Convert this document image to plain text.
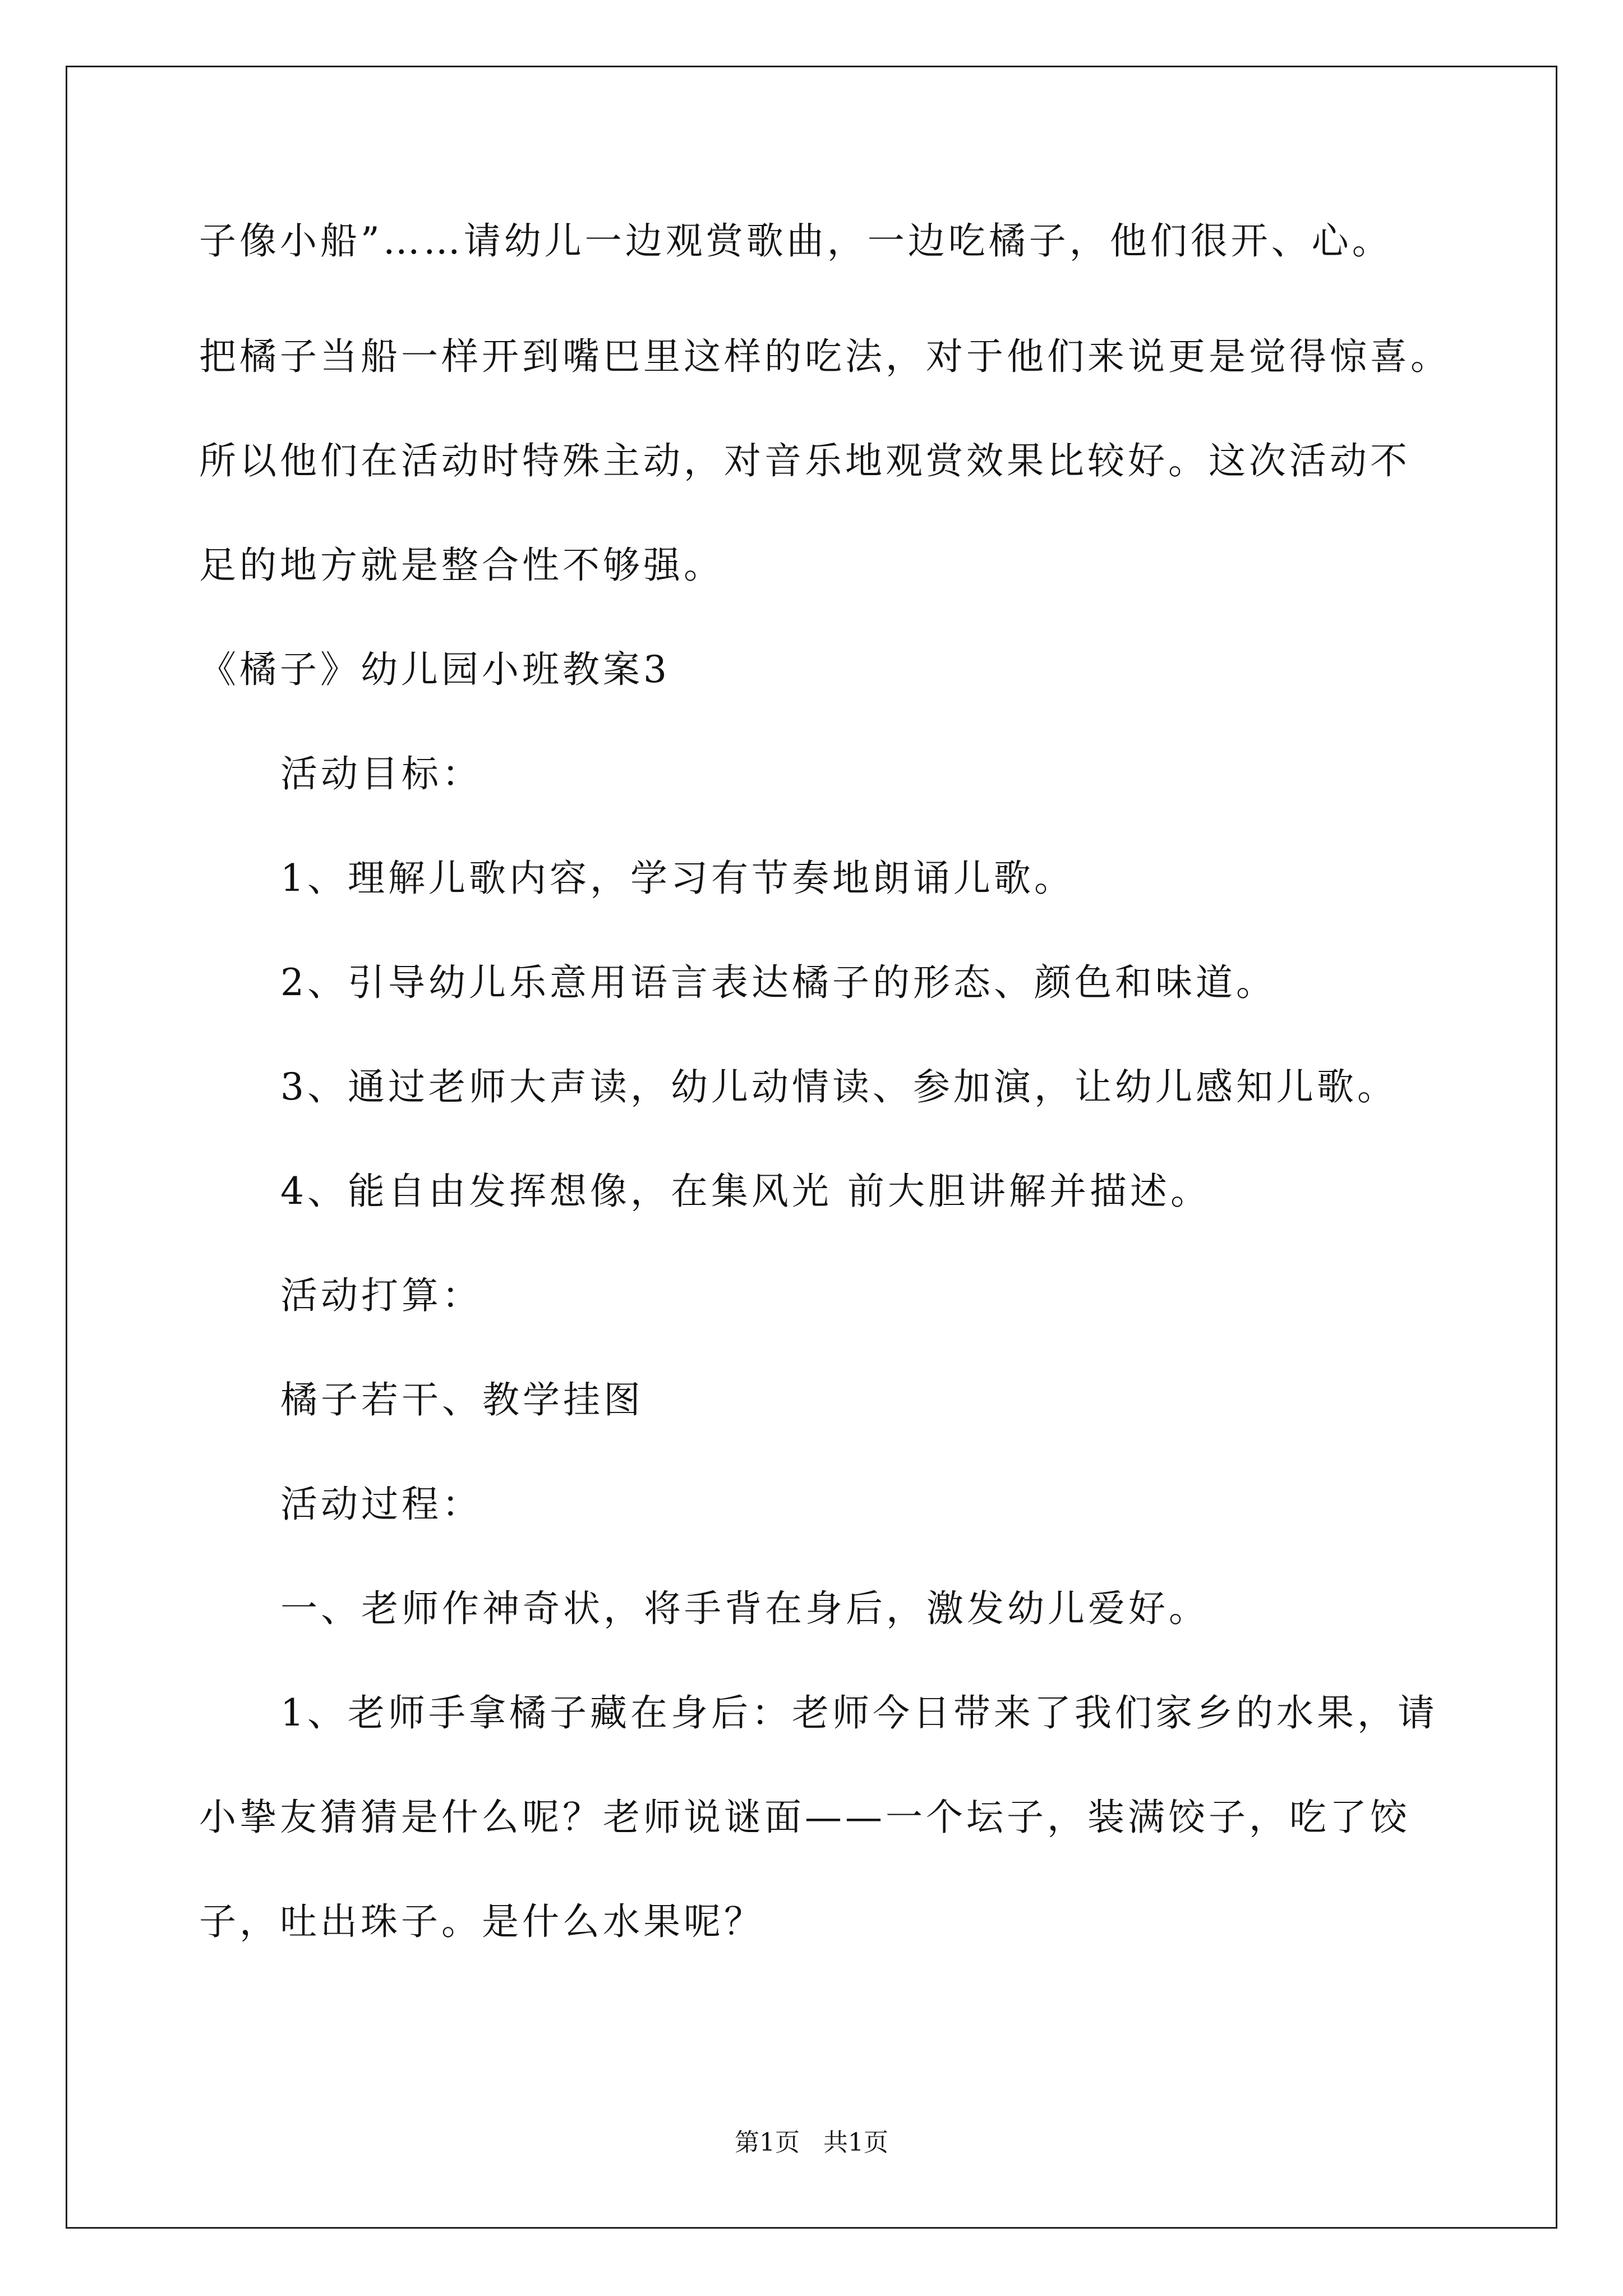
子像小船”……请幼儿一边观赏歌曲，一边吃橘子，他们很开、心。
把橘子当船一样开到嘴巴里这样的吃法，对于他们来说更是觉得惊喜。
所以他们在活动时特殊主动，对音乐地观赏效果比较好。这次活动不
足的地方就是整合性不够强。
《橘子》幼儿园小班教案3
活动目标：
1、理解儿歌内容，学习有节奏地朗诵儿歌。
2、引导幼儿乐意用语言表达橘子的形态、颜色和味道。
3、通过老师大声读，幼儿动情读、参加演，让幼儿感知儿歌。
4、能自由发挥想像，在集风光 前大胆讲解并描述。
活动打算：
橘子若干、教学挂图
活动过程：
一、老师作神奇状，将手背在身后，激发幼儿爱好。
1、老师手拿橘子藏在身后：老师今日带来了我们家乡的水果，请
小挚友猜猜是什么呢？老师说谜面——一个坛子，装满饺子，吃了饺
子，吐出珠子。是什么水果呢？
第1页   共1页
